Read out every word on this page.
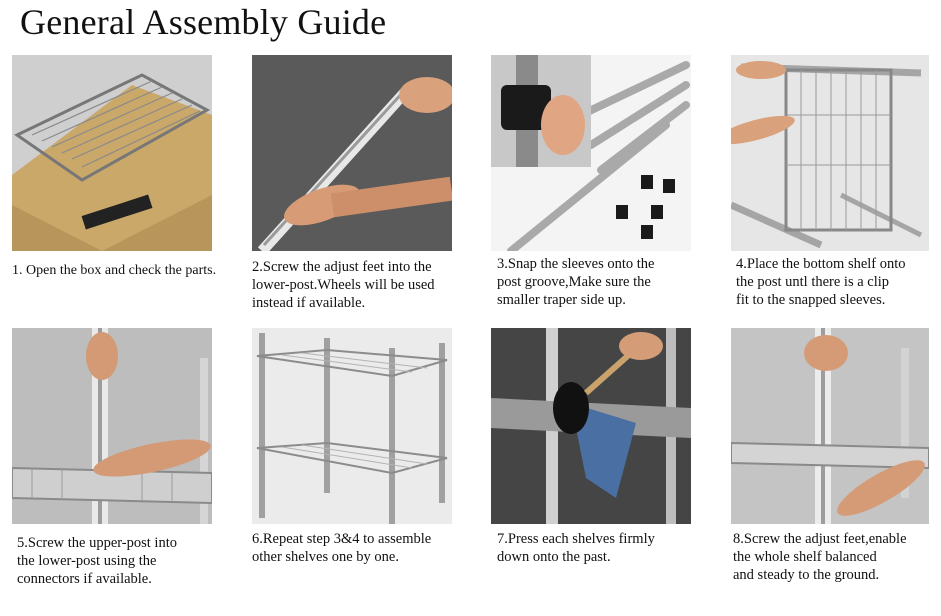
General Assembly Guide
1. Open the box and check the parts.	2.Screw the adjust feet into the
lower-post.Wheels will be used
instead if available.
3.Snap the sleeves onto the
post groove,Make sure the
smaller traper side up.
4.Place the bottom shelf onto
the post untl there is a clip
fit to the snapped sleeves.
5.Screw the upper-post into
the lower-post using the
connectors if available.
6.Repeat step 3&4 to assemble
other shelves one by one.
7.Press each shelves firmly
down onto the past.
8.Screw the adjust feet,enable
the whole shelf balanced
and steady to the ground.
